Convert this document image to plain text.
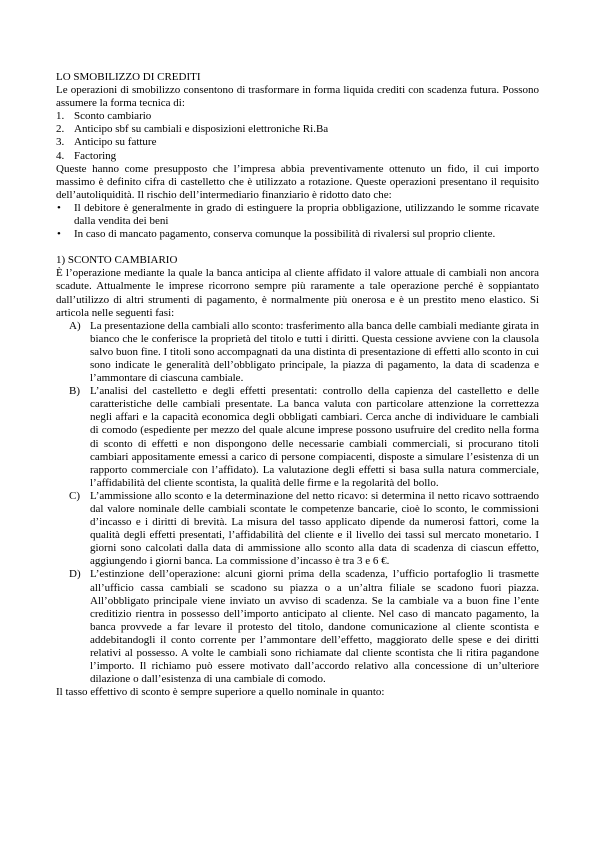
LO SMOBILIZZO DI CREDITI

Le operazioni di smobilizzo consentono di trasformare in forma liquida crediti con scadenza futura. Possono assumere la forma tecnica di:

1. Sconto cambiario
2. Anticipo sbf su cambiali e disposizioni elettroniche Ri.Ba
3. Anticipo su fatture
4. Factoring

Queste hanno come presupposto che l’impresa abbia preventivamente ottenuto un fido, il cui importo massimo è definito cifra di castelletto che è utilizzato a rotazione. Queste operazioni presentano il requisito dell’autoliquidità. Il rischio dell’intermediario finanziario è ridotto dato che:

• Il debitore è generalmente in grado di estinguere la propria obbligazione, utilizzando le somme ricavate dalla vendita dei beni
• In caso di mancato pagamento, conserva comunque la possibilità di rivalersi sul proprio cliente.

1) SCONTO CAMBIARIO

È l’operazione mediante la quale la banca anticipa al cliente affidato il valore attuale di cambiali non ancora scadute. Attualmente le imprese ricorrono sempre più raramente a tale operazione perché è soppiantato dall’utilizzo di altri strumenti di pagamento, è normalmente più onerosa e è un prestito meno elastico. Si articola nelle seguenti fasi:

A) La presentazione della cambiali allo sconto: trasferimento alla banca delle cambiali mediante girata in bianco che le conferisce la proprietà del titolo e tutti i diritti. Questa cessione avviene con la clausola salvo buon fine. I titoli sono accompagnati da una distinta di presentazione di effetti allo sconto in cui sono indicate le generalità dell’obbligato principale, la piazza di pagamento, la data di scadenza e l’ammontare di ciascuna cambiale.
B) L’analisi del castelletto e degli effetti presentati: controllo della capienza del castelletto e delle caratteristiche delle cambiali presentate. La banca valuta con particolare attenzione la correttezza negli affari e la capacità economica degli obbligati cambiari. Cerca anche di individuare le cambiali di comodo (espediente per mezzo del quale alcune imprese possono usufruire del credito nella forma di sconto di effetti e non dispongono delle necessarie cambiali commerciali, si procurano titoli cambiari appositamente emessi a carico di persone compiacenti, disposte a simulare l’esistenza di un rapporto commerciale con l’affidato). La valutazione degli effetti si basa sulla natura commerciale, l’affidabilità del cliente scontista, la qualità delle firme e la regolarità del bollo.
C) L’ammissione allo sconto e la determinazione del netto ricavo: si determina il netto ricavo sottraendo dal valore nominale delle cambiali scontate le competenze bancarie, cioè lo sconto, le commissioni d’incasso e i diritti di brevità. La misura del tasso applicato dipende da numerosi fattori, come la qualità degli effetti presentati, l’affidabilità del cliente e il livello dei tassi sul mercato monetario. I giorni sono calcolati dalla data di ammissione allo sconto alla data di scadenza di ciascun effetto, aggiungendo i giorni banca. La commissione d’incasso è tra 3 e 6 €.
D) L’estinzione dell’operazione: alcuni giorni prima della scadenza, l’ufficio portafoglio li trasmette all’ufficio cassa cambiali se scadono su piazza o a un’altra filiale se scadono fuori piazza. All’obbligato principale viene inviato un avviso di scadenza. Se la cambiale va a buon fine l’ente creditizio rientra in possesso dell’importo anticipato al cliente. Nel caso di mancato pagamento, la banca provvede a far levare il protesto del titolo, dandone comunicazione al cliente scontista e addebitandogli il conto corrente per l’ammontare dell’effetto, maggiorato delle spese e dei diritti relativi al possesso. A volte le cambiali sono richiamate dal cliente scontista che li ritira pagandone l’importo. Il richiamo può essere motivato dall’accordo relativo alla concessione di un’ulteriore dilazione o dall’esistenza di una cambiale di comodo.

Il tasso effettivo di sconto è sempre superiore a quello nominale in quanto:
